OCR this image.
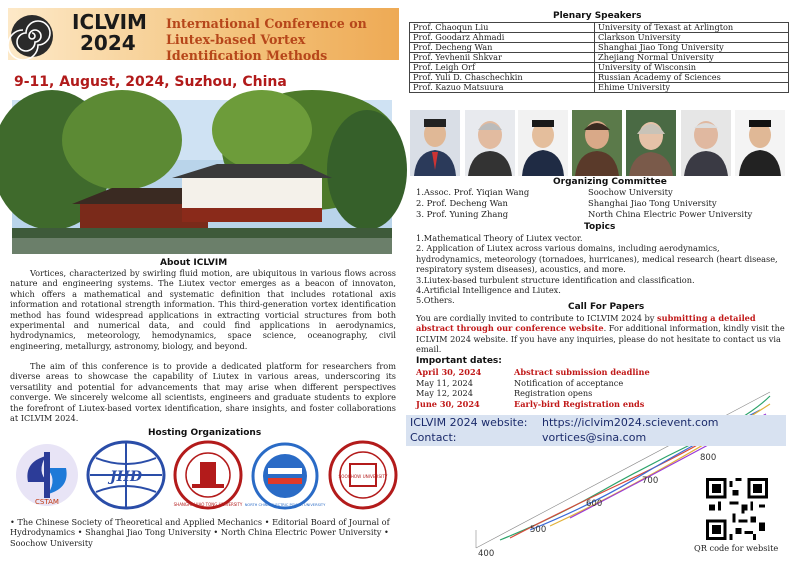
ICLVIM
2024
International Conference on Liutex-based Vortex Identification Methods
9-11, August, 2024, Suzhou, China
About ICLVIM
Vortices, characterized by swirling fluid motion, are ubiquitous in various flows across nature and engineering systems. The Liutex vector emerges as a beacon of innovaton, which offers a mathematical and systematic definition that includes rotational axis information and rotational strength information. This third-generation vortex identification method has found widespread applications in extracting vorticial structures from both experimental and numerical data, and could find applications in aerodynamics, hydrodynamics, meteorology, hemodynamics, space science, oceanography, civil engineering, metallurgy, astronomy, biology, and beyond.
The aim of this conference is to provide a dedicated platform for researchers from diverse areas to showcase the capability of Liutex in various areas, underscoring its versatility and potential for advancements that may arise when different perspectives converge. We sincerely welcome all scientists, engineers and graduate students to explore the forefront of Liutex-based vortex identification, share insights, and foster collaborations at ICLVIM 2024.
Hosting Organizations
CSTAM
JHD
SHANGHAI JIAO TONG UNIVERSITY NORTH CHINA ELECTRIC POWER UNIVERSITY
SOOCHOW UNIVERSITY
• The Chinese Society of Theoretical and Applied Mechanics • Editorial Board of Journal of Hydrodynamics • Shanghai Jiao Tong University • North China Electric Power University • Soochow University
Plenary Speakers
Prof. Chaoqun Liu	University of Texast at Arlington
Prof. Goodarz Ahmadi	Clarkson University
Prof. Decheng Wan	Shanghai Jiao Tong University
Prof. Yevhenii Shkvar	Zhejiang Normal University
Prof. Leigh Orf	University of Wisconsin
Prof. Yuli D. Chaschechkin	Russian Academy of Sciences
Prof. Kazuo Matsuura	Ehime University
Organizing Committee
1.Assoc. Prof. Yiqian Wang	Soochow University
2. Prof. Decheng Wan	Shanghai Jiao Tong University
3. Prof. Yuning Zhang	North China Electric Power University
Topics
1.Mathematical Theory of Liutex vector.
2. Application of Liutex across various domains, including aerodynamics, hydrodynamics, meteorology (tornadoes, hurricanes), medical research (heart disease, respiratory system diseases), acoustics, and more.
3.Liutex-based turbulent structure identification and classification.
4.Artificial Intelligence and Liutex.
5.Others.
Call For Papers
You are cordially invited to contribute to ICLVIM 2024 by submitting a detailed abstract through our conference website. For additional information, kindly visit the ICLVIM 2024 website. If you have any inquiries, please do not hesitate to contact us via email.
Important dates:
April 30, 2024	Abstract submission deadline
May 11, 2024	Notification of acceptance
May 12, 2024	Registration opens
June 30, 2024	Early-bird Registration ends
400
500
600
700
800
ICLVIM 2024 website: https://iclvim2024.scievent.com
Contact:	vortices@sina.com
QR code for website
